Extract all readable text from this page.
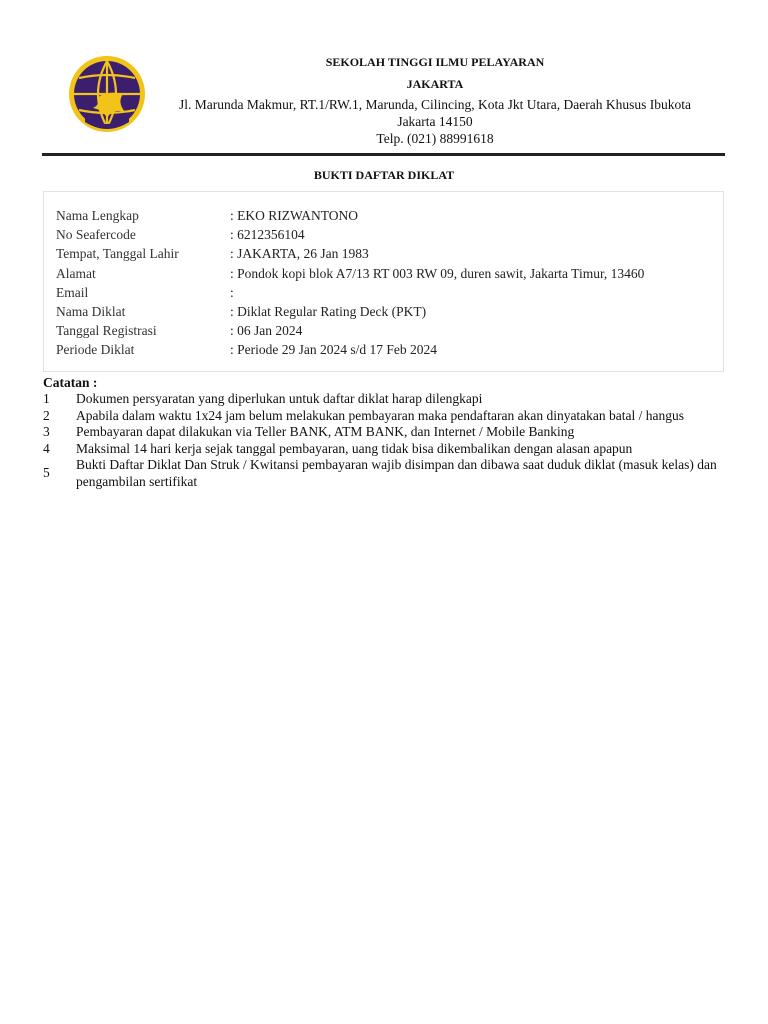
SEKOLAH TINGGI ILMU PELAYARAN
JAKARTA
Jl. Marunda Makmur, RT.1/RW.1, Marunda, Cilincing, Kota Jkt Utara, Daerah Khusus Ibukota
Jakarta 14150
Telp. (021) 88991618
BUKTI DAFTAR DIKLAT
Nama Lengkap	: EKO RIZWANTONO
No Seafercode	: 6212356104
Tempat, Tanggal Lahir	: JAKARTA, 26 Jan 1983
Alamat	: Pondok kopi blok A7/13 RT 003 RW 09, duren sawit, Jakarta Timur, 13460
Email	:
Nama Diklat	: Diklat Regular Rating Deck (PKT)
Tanggal Registrasi	: 06 Jan 2024
Periode Diklat	: Periode 29 Jan 2024 s/d 17 Feb 2024
Catatan :
1	Dokumen persyaratan yang diperlukan untuk daftar diklat harap dilengkapi
2	Apabila dalam waktu 1x24 jam belum melakukan pembayaran maka pendaftaran akan dinyatakan batal / hangus
3	Pembayaran dapat dilakukan via Teller BANK, ATM BANK, dan Internet / Mobile Banking
4	Maksimal 14 hari kerja sejak tanggal pembayaran, uang tidak bisa dikembalikan dengan alasan apapun
5
Bukti Daftar Diklat Dan Struk / Kwitansi pembayaran wajib disimpan dan dibawa saat duduk diklat (masuk kelas) dan pengambilan sertifikat
